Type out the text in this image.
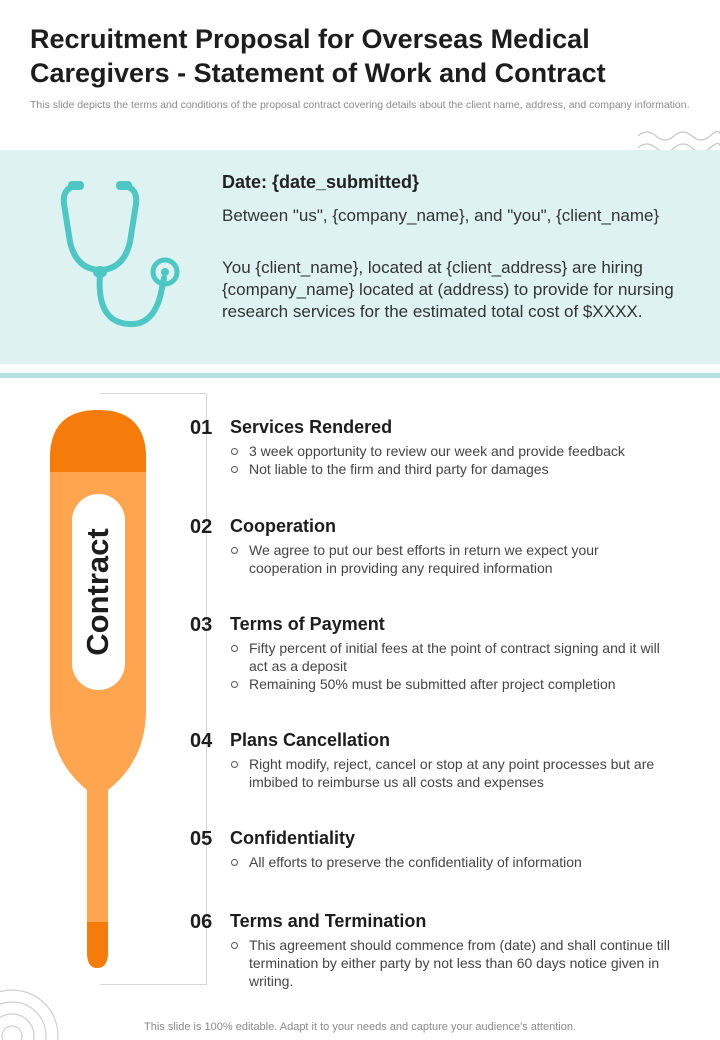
Recruitment Proposal for Overseas Medical Caregivers - Statement of Work and Contract
This slide depicts the terms and conditions of the proposal contract covering details about the client name, address, and company information.
Date: {date_submitted}
Between "us", {company_name}, and "you", {client_name}
You {client_name}, located at {client_address} are hiring {company_name} located at (address) to provide for nursing research services for the estimated total cost of $XXXX.
Contract
01 Services Rendered
3 week opportunity to review our week and provide feedback
Not liable to the firm and third party for damages
02 Cooperation
We agree to put our best efforts in return we expect your cooperation in providing any required information
03 Terms of Payment
Fifty percent of initial fees at the point of contract signing and it will act as a deposit
Remaining 50% must be submitted after project completion
04 Plans Cancellation
Right modify, reject, cancel or stop at any point processes but are imbibed to reimburse us all costs and expenses
05 Confidentiality
All efforts to preserve the confidentiality of information
06 Terms and Termination
This agreement should commence from (date) and shall continue till termination by either party by not less than 60 days notice given in writing.
This slide is 100% editable. Adapt it to your needs and capture your audience's attention.
